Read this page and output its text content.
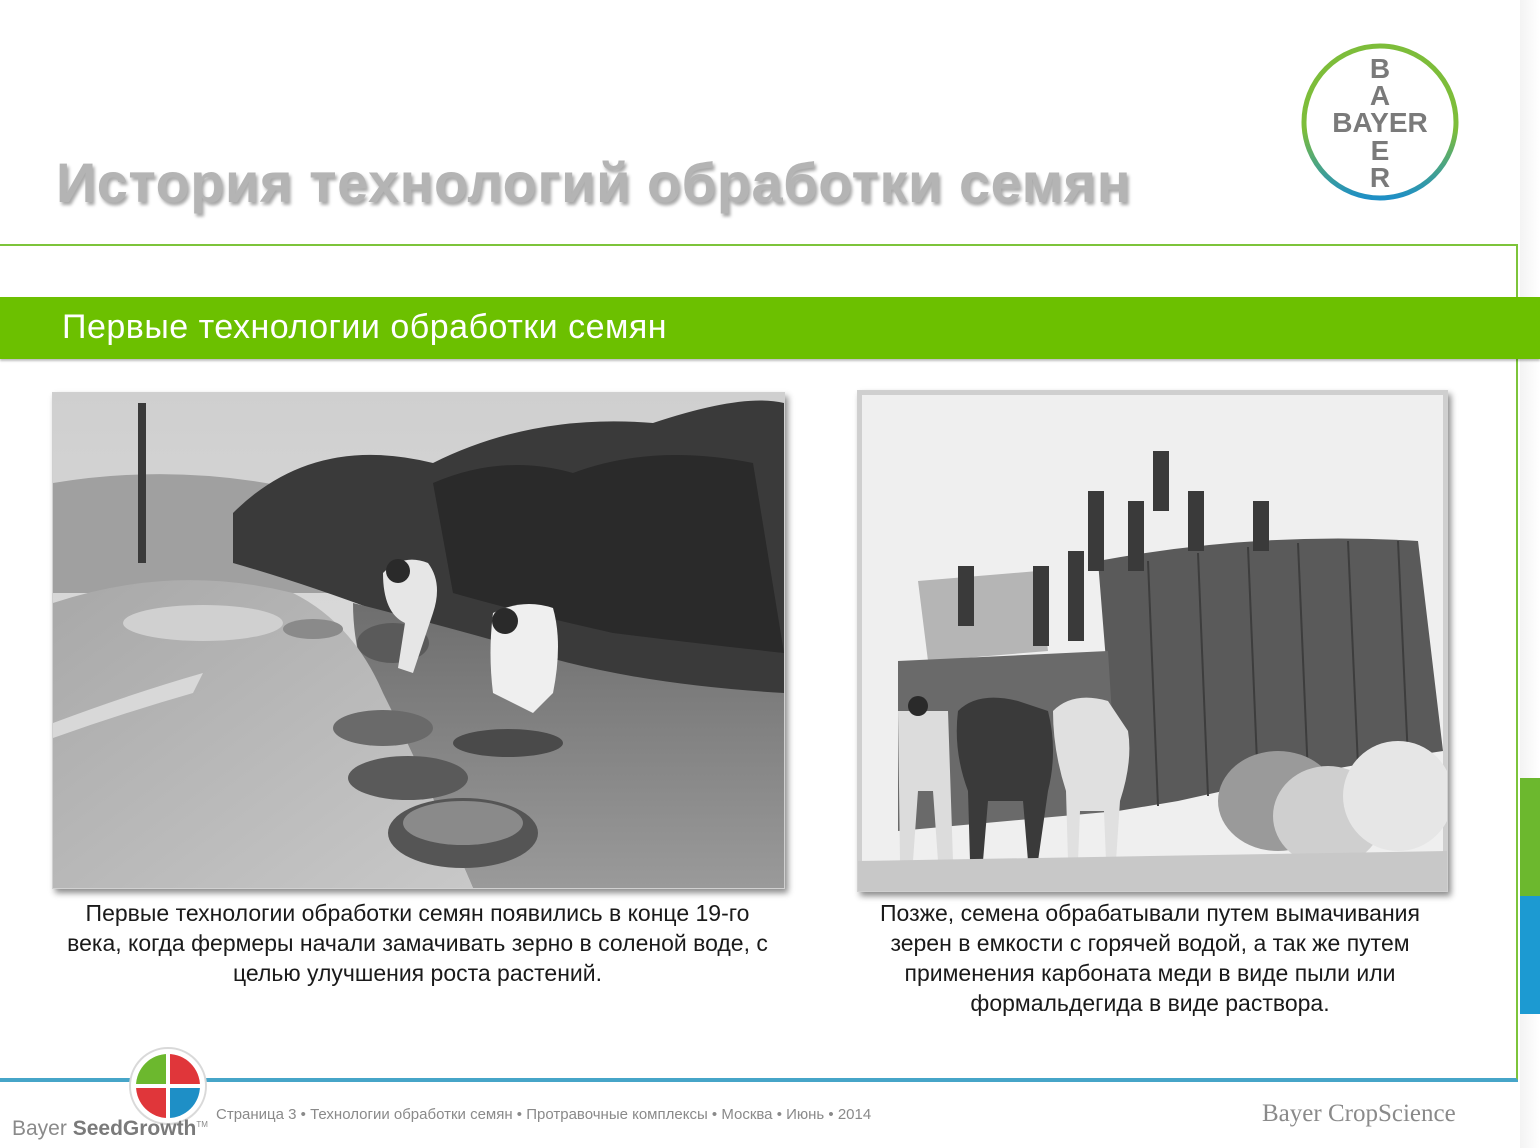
История технологий обработки семян
B
A
BAYER
E
R
Первые технологии обработки семян
Первые технологии обработки семян появились в конце 19-го века, когда фермеры начали замачивать зерно в соленой воде, с целью улучшения роста растений.
Позже, семена обрабатывали путем вымачивания зерен в емкости с горячей водой, а так же путем применения карбоната меди в виде пыли или формальдегида в виде раствора.
Bayer SeedGrowth™
Страница 3 • Технологии обработки семян • Протравочные комплексы • Москва • Июнь • 2014	Bayer CropScience
